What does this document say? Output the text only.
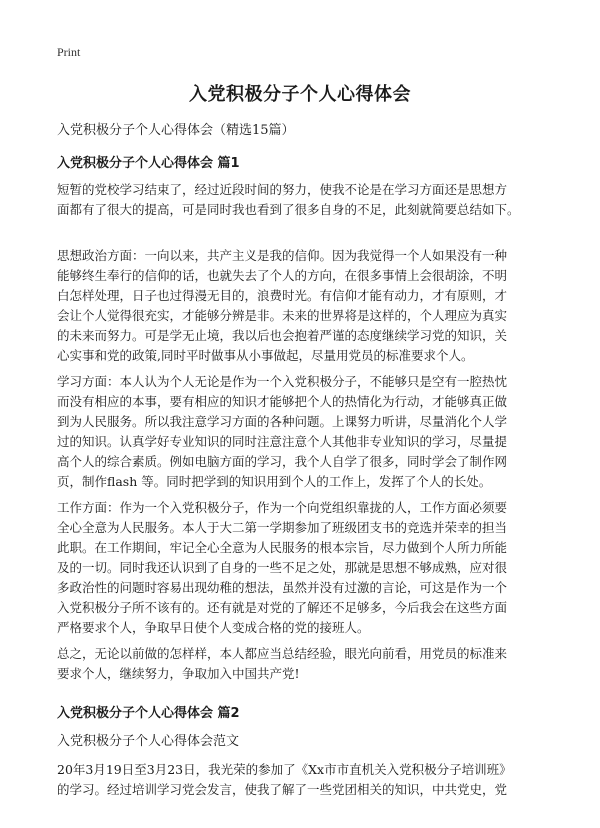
Print
入党积极分子个人心得体会
入党积极分子个人心得体会（精选15篇）
入党积极分子个人心得体会 篇1

短暂的党校学习结束了，经过近段时间的努力，使我不论是在学习方面还是思想方
面都有了很大的提高，可是同时我也看到了很多自身的不足，此刻就简要总结如下。

思想政治方面：一向以来，共产主义是我的信仰。因为我觉得一个人如果没有一种
能够终生奉行的信仰的话，也就失去了个人的方向，在很多事情上会很胡涂，不明
白怎样处理，日子也过得漫无目的，浪费时光。有信仰才能有动力，才有原则，才
会让个人觉得很充实，才能够分辨是非。未来的世界将是这样的，个人理应为真实
的未来而努力。可是学无止境，我以后也会抱着严谨的态度继续学习党的知识，关
心实事和党的政策,同时平时做事从小事做起，尽量用党员的标准要求个人。

学习方面：本人认为个人无论是作为一个入党积极分子，不能够只是空有一腔热忱
而没有相应的本事，要有相应的知识才能够把个人的热情化为行动，才能够真正做
到为人民服务。所以我注意学习方面的各种问题。上课努力听讲，尽量消化个人学
过的知识。认真学好专业知识的同时注意注意个人其他非专业知识的学习，尽量提
高个人的综合素质。例如电脑方面的学习，我个人自学了很多，同时学会了制作网
页，制作flash 等。同时把学到的知识用到个人的工作上，发挥了个人的长处。

工作方面：作为一个入党积极分子，作为一个向党组织靠拢的人，工作方面必须要
全心全意为人民服务。本人于大二第一学期参加了班级团支书的竞选并荣幸的担当
此职。在工作期间，牢记全心全意为人民服务的根本宗旨，尽力做到个人所力所能
及的一切。同时我还认识到了自身的一些不足之处，那就是思想不够成熟，应对很
多政治性的问题时容易出现幼稚的想法，虽然并没有过激的言论，可这是作为一个
入党积极分子所不该有的。还有就是对党的了解还不足够多，今后我会在这些方面
严格要求个人，争取早日使个人变成合格的党的接班人。

总之，无论以前做的怎样样，本人都应当总结经验，眼光向前看，用党员的标准来
要求个人，继续努力，争取加入中国共产党!

入党积极分子个人心得体会 篇2
入党积极分子个人心得体会范文

20年3月19日至3月23日，我光荣的参加了《Xx市市直机关入党积极分子培训班》
的学习。经过培训学习党会发言，使我了解了一些党团相关的知识，中共党史，党
